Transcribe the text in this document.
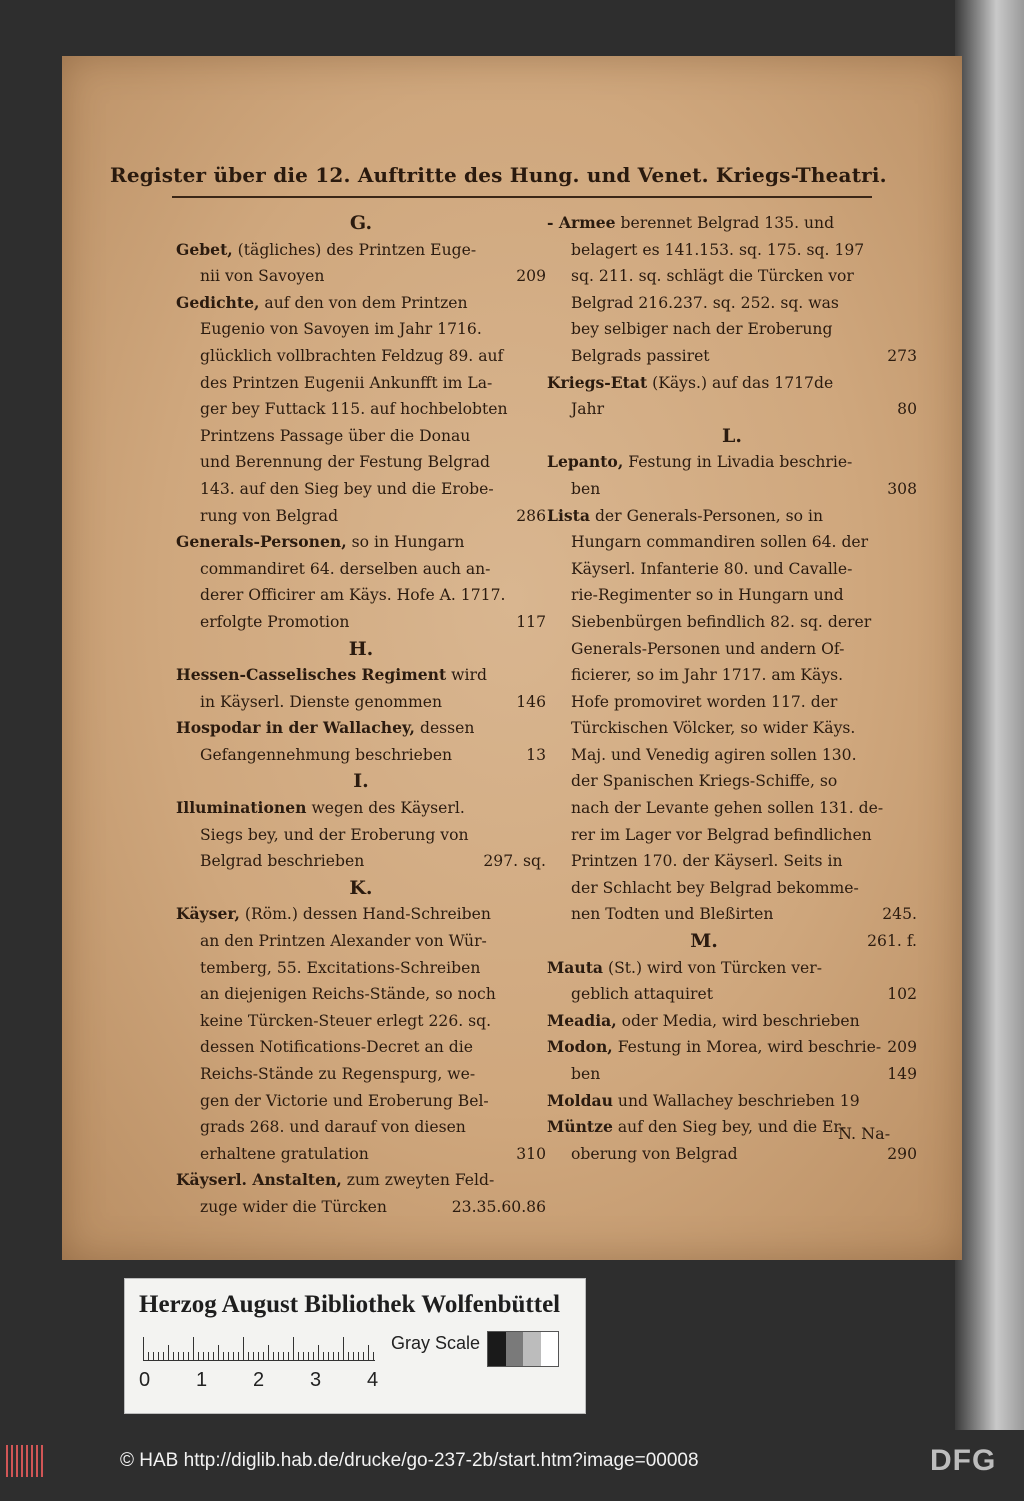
Register über die 12. Auftritte des Hung. und Venet. Kriegs-Theatri.

G.

Gebet, (tägliches) des Printzen Euge-

209
nii von Savoyen

Gedichte, auf den von dem Printzen

Eugenio von Savoyen im Jahr 1716.

glücklich vollbrachten Feldzug 89. auf

des Printzen Eugenii Ankunfft im La-

ger bey Futtack 115. auf hochbelobten

Printzens Passage über die Donau

und Berennung der Festung Belgrad

143. auf den Sieg bey und die Erobe-

286
rung von Belgrad

Generals-Personen, so in Hungarn

commandiret 64. derselben auch an-

derer Officirer am Käys. Hofe A. 1717.

117
erfolgte Promotion

H.

Hessen-Casselisches Regiment wird

146
in Käyserl. Dienste genommen

Hospodar in der Wallachey, dessen

13
Gefangennehmung beschrieben

I.

Illuminationen wegen des Käyserl.

Siegs bey, und der Eroberung von

297. sq.
Belgrad beschrieben

K.

Käyser, (Röm.) dessen Hand-Schreiben

an den Printzen Alexander von Wür-

temberg, 55. Excitations-Schreiben

an diejenigen Reichs-Stände, so noch

keine Türcken-Steuer erlegt 226. sq.

dessen Notifications-Decret an die

Reichs-Stände zu Regenspurg, we-

gen der Victorie und Eroberung Bel-

grads 268. und darauf von diesen

310
erhaltene gratulation

Käyserl. Anstalten, zum zweyten Feld-

23.35.60.86
zuge wider die Türcken

- Armee berennet Belgrad 135. und

belagert es 141.153. sq. 175. sq. 197

sq. 211. sq. schlägt die Türcken vor

Belgrad 216.237. sq. 252. sq. was

bey selbiger nach der Eroberung

273
Belgrads passiret

Kriegs-Etat (Käys.) auf das 1717de

80
Jahr

L.

Lepanto, Festung in Livadia beschrie-

308
ben

Lista der Generals-Personen, so in

Hungarn commandiren sollen 64. der

Käyserl. Infanterie 80. und Cavalle-

rie-Regimenter so in Hungarn und

Siebenbürgen befindlich 82. sq. derer

Generals-Personen und andern Of-

ficierer, so im Jahr 1717. am Käys.

Hofe promoviret worden 117. der

Türckischen Völcker, so wider Käys.

Maj. und Venedig agiren sollen 130.

der Spanischen Kriegs-Schiffe, so

nach der Levante gehen sollen 131. de-

rer im Lager vor Belgrad befindlichen

Printzen 170. der Käyserl. Seits in

der Schlacht bey Belgrad bekomme-

245.
nen Todten und Bleßirten

261. f.

M.

Mauta (St.) wird von Türcken ver-

102
geblich attaquiret

Meadia, oder Media, wird beschrieben

209

Modon, Festung in Morea, wird beschrie-

149
ben

Moldau und Wallachey beschrieben 19

Müntze auf den Sieg bey, und die Er-

290
oberung von Belgrad

N. Na-
Herzog August Bibliothek Wolfenbüttel
0 1 2 3 4
Gray Scale
© HAB http://diglib.hab.de/drucke/go-237-2b/start.htm?image=00008	DFG
